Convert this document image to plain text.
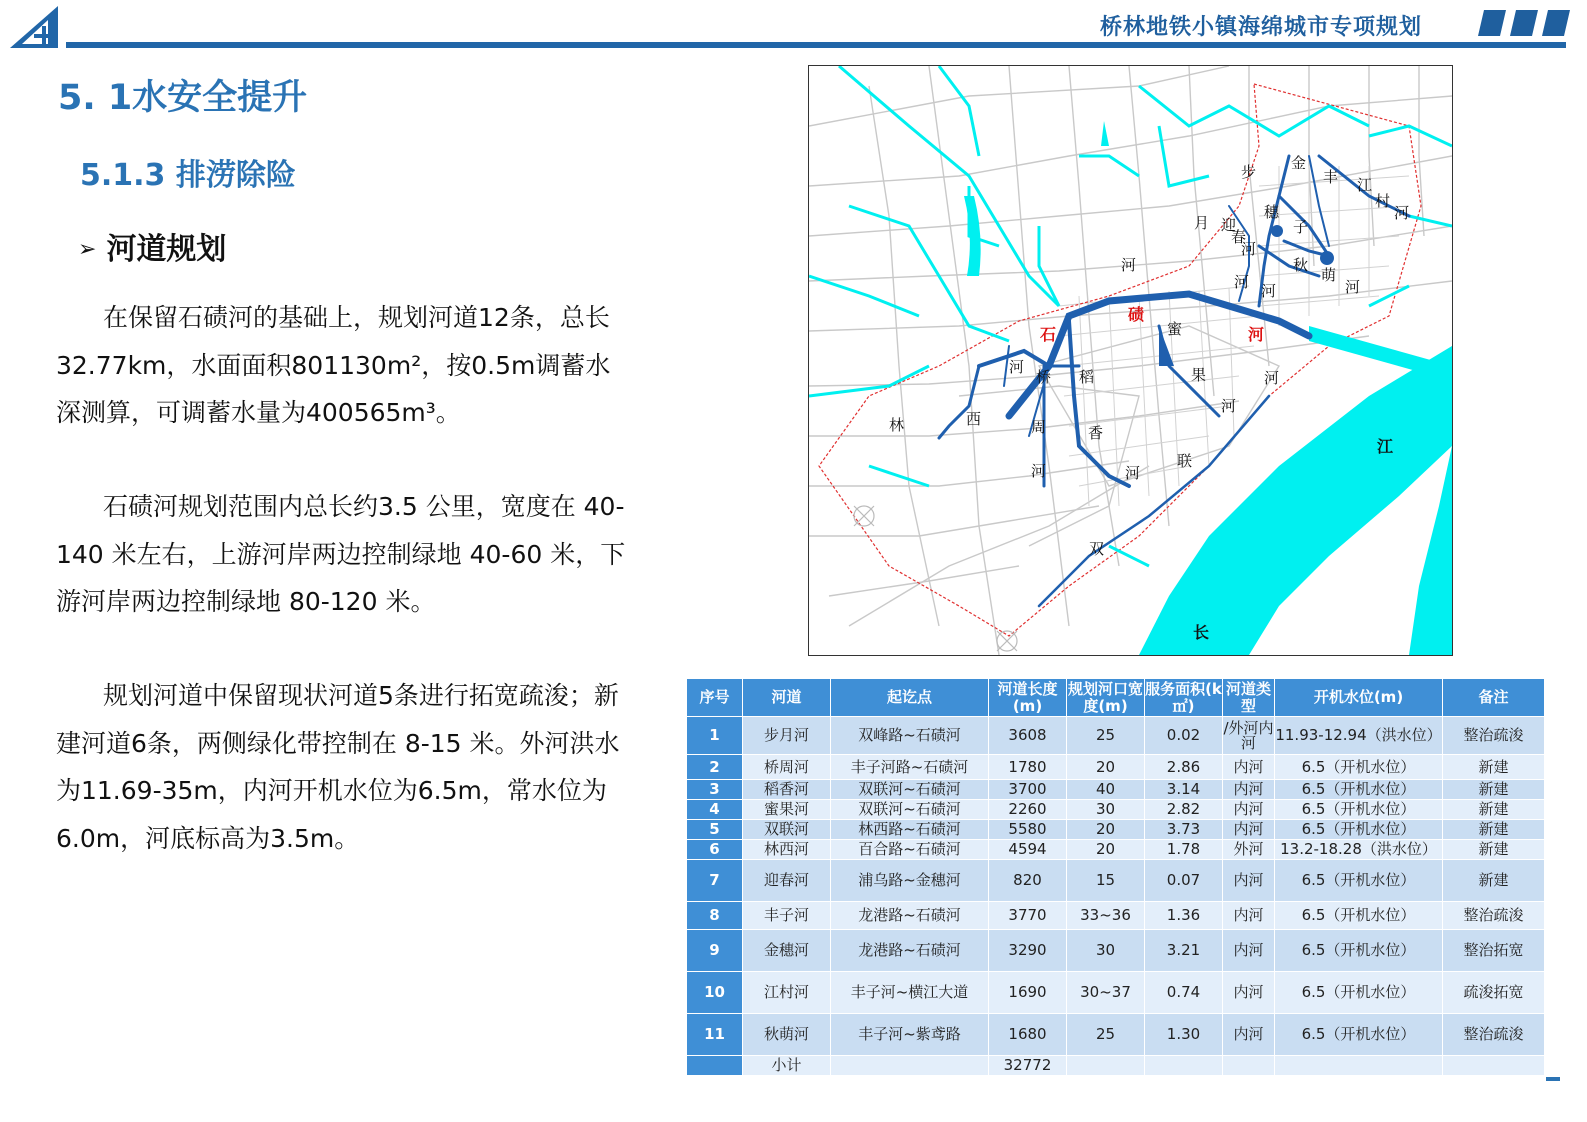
桥林地铁小镇海绵城市专项规划
5. 1水安全提升
5.1.3 排涝除险
➢ 河道规划
在保留石碛河的基础上，规划河道12条，总长32.77km，水面面积801130m²，按0.5m调蓄水深测算，可调蓄水量为400565m³。
石碛河规划范围内总长约3.5 公里，宽度在 40-140 米左右，上游河岸两边控制绿地 40-60 米，下游河岸两边控制绿地 80-120 米。
规划河道中保留现状河道5条进行拓宽疏浚；新建河道6条，两侧绿化带控制在 8-15 米。外河洪水为11.69-35m，内河开机水位为6.5m，常水位为6.0m，河底标高为3.5m。
步 金
丰 江
村
河
月 迎
穗
子
春
河
河	秋
萌
河
河 河
石
碛
蜜	河
河
桥 稻	果	河
河
林	西	周	香
江
河	河
联
双
长
序号	河道	起讫点	河道长度(m)	规划河口宽度(m)	服务面积(k㎡)	河道类型	开机水位(m)	备注
1	步月河	双峰路~石碛河	3608	25	0.02	/外河内河	11.93-12.94（洪水位）	整治疏浚
2	桥周河	丰子河路~石碛河	1780	20	2.86	内河	6.5（开机水位）	新建
3	稻香河	双联河~石碛河	3700	40	3.14	内河	6.5（开机水位）	新建
4	蜜果河	双联河~石碛河	2260	30	2.82	内河	6.5（开机水位）	新建
5	双联河	林西路~石碛河	5580	20	3.73	内河	6.5（开机水位）	新建
6	林西河	百合路~石碛河	4594	20	1.78	外河	13.2-18.28（洪水位）	新建
7	迎春河	浦乌路~金穗河	820	15	0.07	内河	6.5（开机水位）	新建
8	丰子河	龙港路~石碛河	3770	33~36	1.36	内河	6.5（开机水位）	整治疏浚
9	金穗河	龙港路~石碛河	3290	30	3.21	内河	6.5（开机水位）	整治拓宽
10	江村河	丰子河~横江大道	1690	30~37	0.74	内河	6.5（开机水位）	疏浚拓宽
11	秋萌河	丰子河~紫鸢路	1680	25	1.30	内河	6.5（开机水位）	整治疏浚
	小计		32772					
